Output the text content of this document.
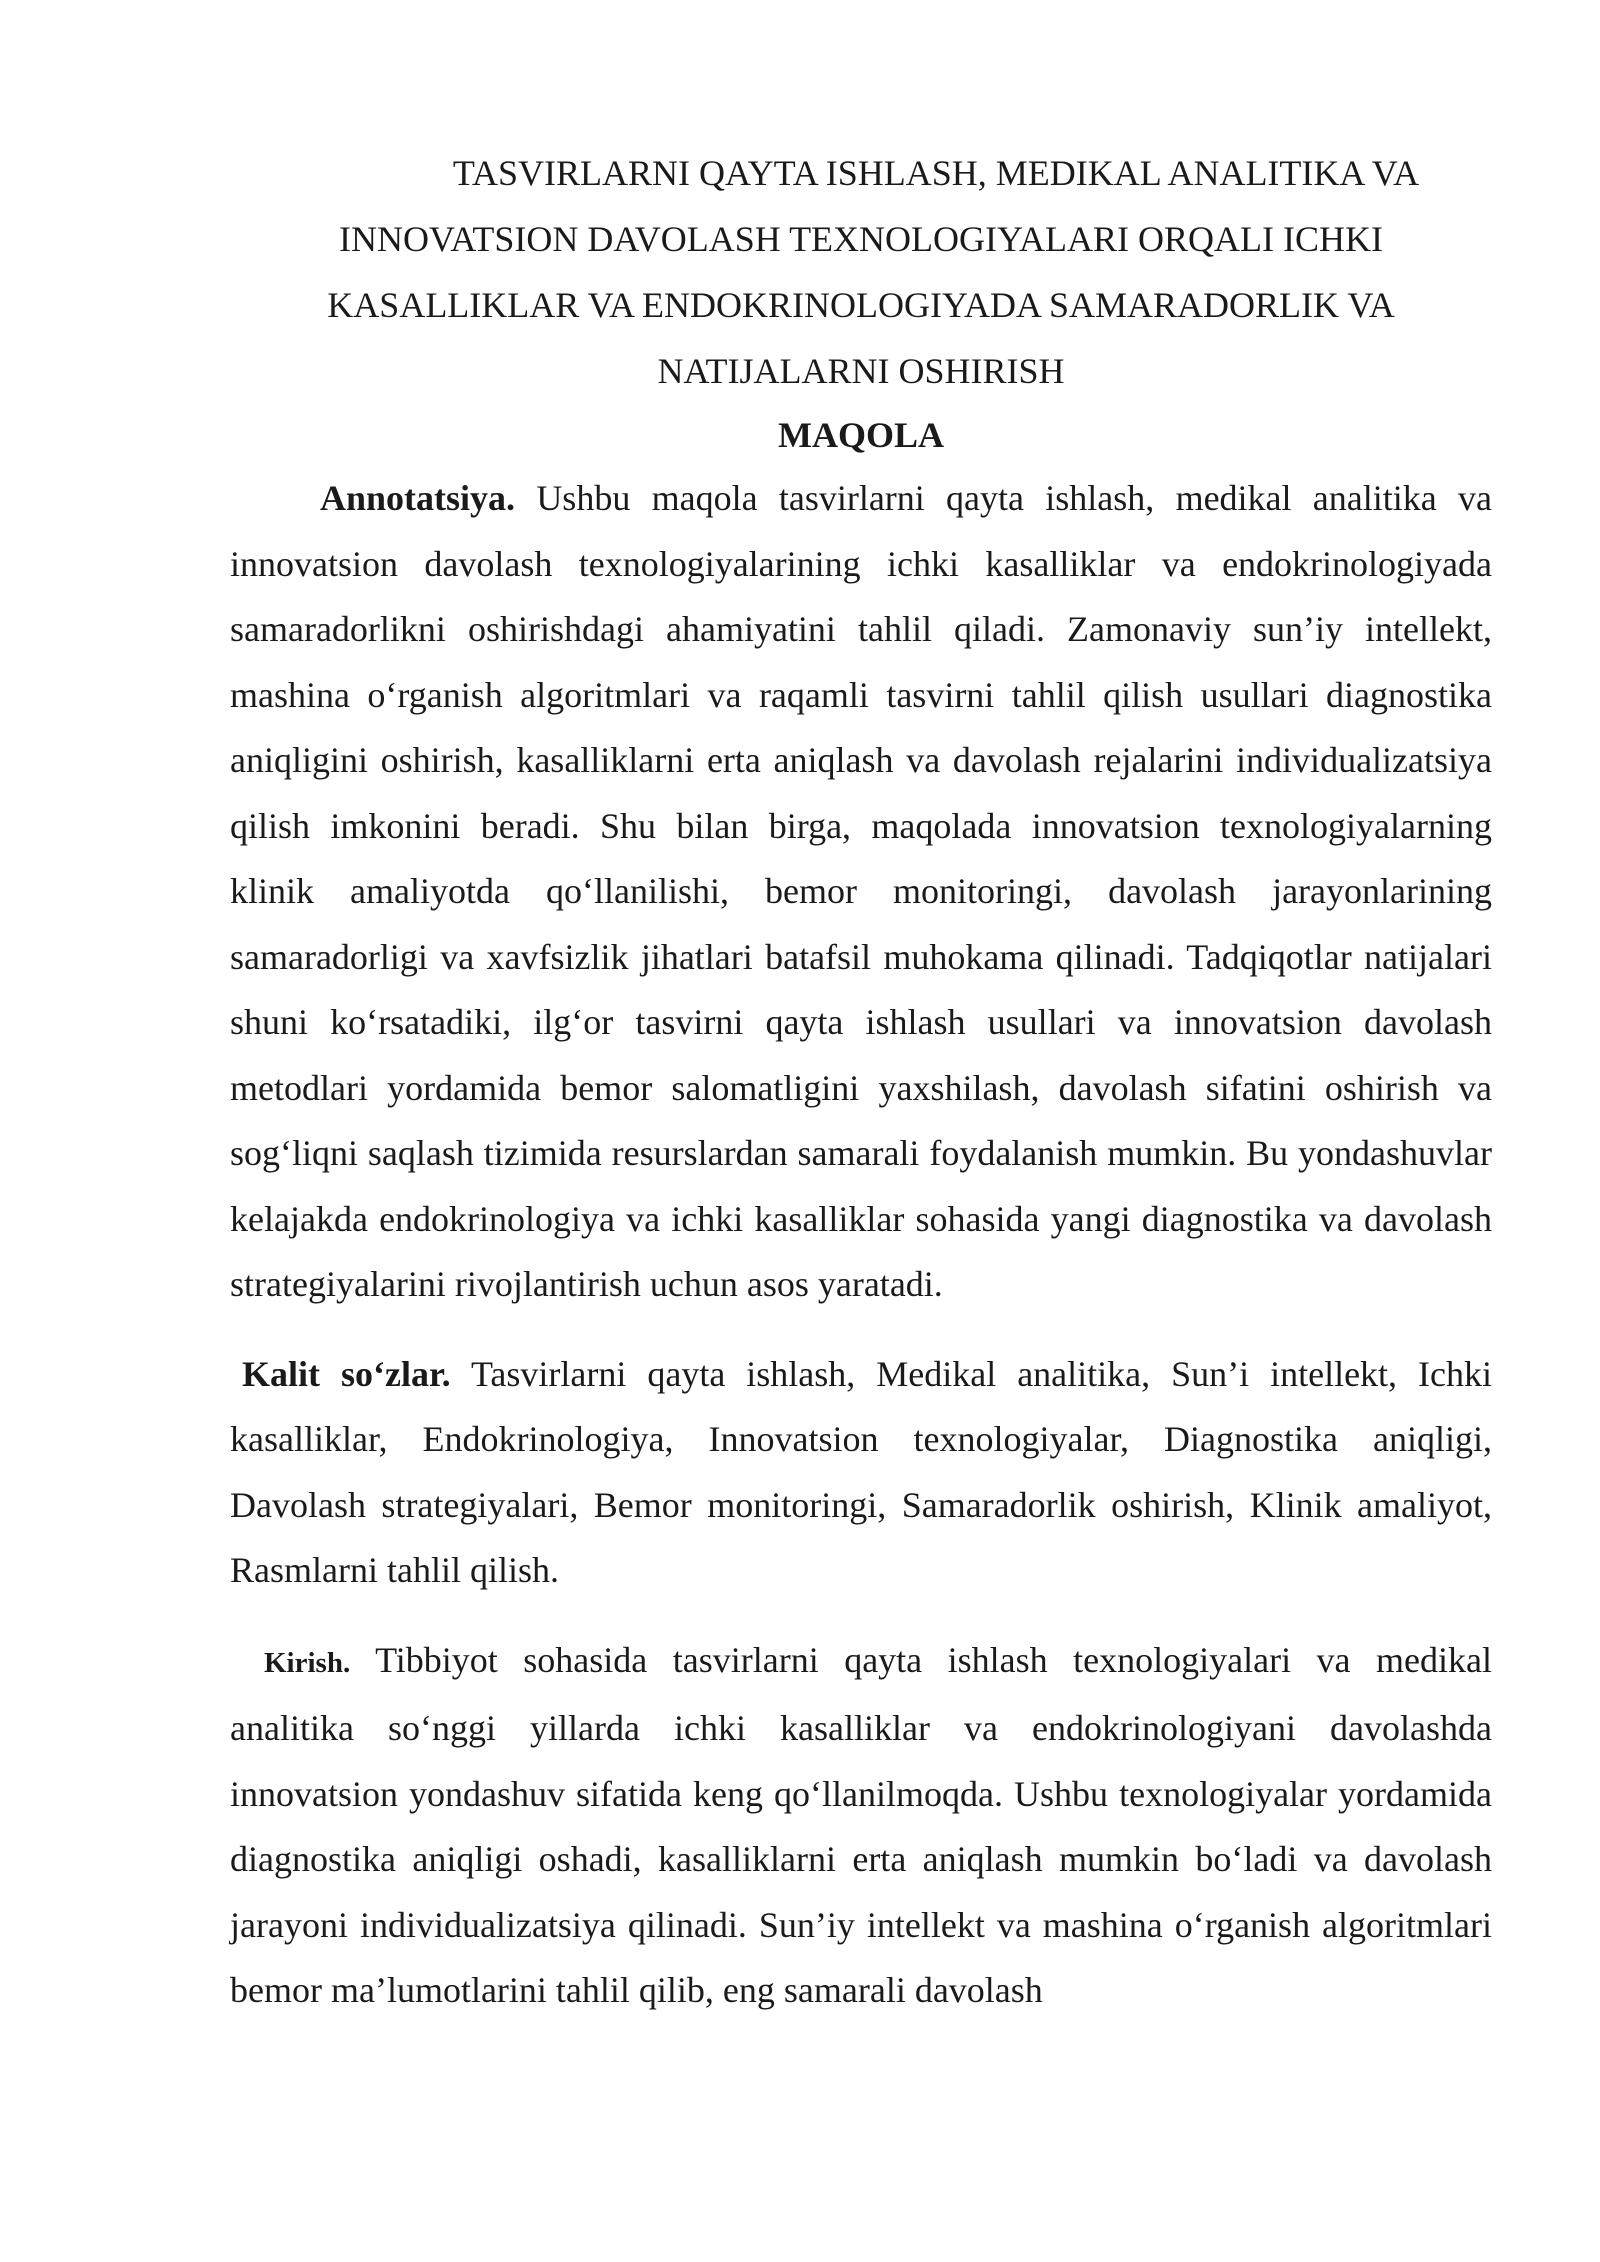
TASVIRLARNI QAYTA ISHLASH, MEDIKAL ANALITIKA VA
INNOVATSION DAVOLASH TEXNOLOGIYALARI ORQALI ICHKI
KASALLIKLAR VA ENDOKRINOLOGIYADA SAMARADORLIK VA
NATIJALARNI OSHIRISH
MAQOLA

Annotatsiya. Ushbu maqola tasvirlarni qayta ishlash, medikal analitika va innovatsion davolash texnologiyalarining ichki kasalliklar va endokrinologiyada samaradorlikni oshirishdagi ahamiyatini tahlil qiladi. Zamonaviy sun’iy intellekt, mashina o‘rganish algoritmlari va raqamli tasvirni tahlil qilish usullari diagnostika aniqligini oshirish, kasalliklarni erta aniqlash va davolash rejalarini individualizatsiya qilish imkonini beradi. Shu bilan birga, maqolada innovatsion texnologiyalarning klinik amaliyotda qo‘llanilishi, bemor monitoringi, davolash jarayonlarining samaradorligi va xavfsizlik jihatlari batafsil muhokama qilinadi. Tadqiqotlar natijalari shuni ko‘rsatadiki, ilg‘or tasvirni qayta ishlash usullari va innovatsion davolash metodlari yordamida bemor salomatligini yaxshilash, davolash sifatini oshirish va sog‘liqni saqlash tizimida resurslardan samarali foydalanish mumkin. Bu yondashuvlar kelajakda endokrinologiya va ichki kasalliklar sohasida yangi diagnostika va davolash strategiyalarini rivojlantirish uchun asos yaratadi.

Kalit so‘zlar. Tasvirlarni qayta ishlash, Medikal analitika, Sun’i intellekt, Ichki kasalliklar, Endokrinologiya, Innovatsion texnologiyalar, Diagnostika aniqligi, Davolash strategiyalari, Bemor monitoringi, Samaradorlik oshirish, Klinik amaliyot, Rasmlarni tahlil qilish.

Kirish. Tibbiyot sohasida tasvirlarni qayta ishlash texnologiyalari va medikal analitika so‘nggi yillarda ichki kasalliklar va endokrinologiyani davolashda innovatsion yondashuv sifatida keng qo‘llanilmoqda. Ushbu texnologiyalar yordamida diagnostika aniqligi oshadi, kasalliklarni erta aniqlash mumkin bo‘ladi va davolash jarayoni individualizatsiya qilinadi. Sun’iy intellekt va mashina o‘rganish algoritmlari bemor ma’lumotlarini tahlil qilib, eng samarali davolash
